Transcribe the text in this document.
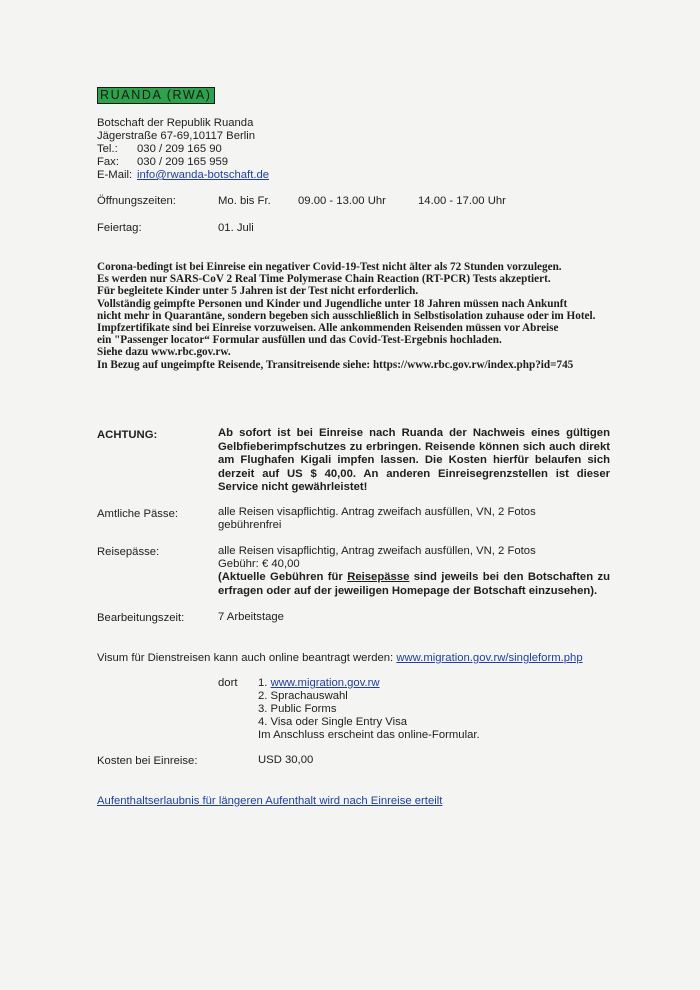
RUANDA (RWA)
Botschaft der Republik Ruanda
Jägerstraße 67-69,10117 Berlin
Tel.: 030 / 209 165 90
Fax: 030 / 209 165 959
E-Mail: info@rwanda-botschaft.de
Öffnungszeiten:	Mo. bis Fr. 09.00 - 13.00 Uhr	14.00 - 17.00 Uhr
Feiertag:	01. Juli
Corona-bedingt ist bei Einreise ein negativer Covid-19-Test nicht älter als 72 Stunden vorzulegen.
Es werden nur SARS-CoV 2 Real Time Polymerase Chain Reaction (RT-PCR) Tests akzeptiert.
Für begleitete Kinder unter 5 Jahren ist der Test nicht erforderlich.
Vollständig geimpfte Personen und Kinder und Jugendliche unter 18 Jahren müssen nach Ankunft
nicht mehr in Quarantäne, sondern begeben sich ausschließlich in Selbstisolation zuhause oder im Hotel.
Impfzertifikate sind bei Einreise vorzuweisen. Alle ankommenden Reisenden müssen vor Abreise
ein "Passenger locator“ Formular ausfüllen und das Covid-Test-Ergebnis hochladen.
Siehe dazu www.rbc.gov.rw.
In Bezug auf ungeimpfte Reisende, Transitreisende siehe: https://www.rbc.gov.rw/index.php?id=745
ACHTUNG:	Ab sofort ist bei Einreise nach Ruanda der Nachweis eines gültigen Gelbfieberimpfschutzes zu erbringen. Reisende können sich auch direkt am Flughafen Kigali impfen lassen. Die Kosten hierfür belaufen sich derzeit auf US $ 40,00. An anderen Einreisegrenzstellen ist dieser Service nicht gewährleistet!
Amtliche Pässe:	alle Reisen visapflichtig. Antrag zweifach ausfüllen, VN, 2 Fotos
gebührenfrei
Reisepässe:	alle Reisen visapflichtig, Antrag zweifach ausfüllen, VN, 2 Fotos
Gebühr: € 40,00
(Aktuelle Gebühren für Reisepässe sind jeweils bei den Botschaften zu erfragen oder auf der jeweiligen Homepage der Botschaft einzusehen).
Bearbeitungszeit:	7 Arbeitstage
Visum für Dienstreisen kann auch online beantragt werden: www.migration.gov.rw/singleform.php
dort 1. www.migration.gov.rw
2. Sprachauswahl
3. Public Forms
4. Visa oder Single Entry Visa
Im Anschluss erscheint das online-Formular.
Kosten bei Einreise:	USD 30,00
Aufenthaltserlaubnis für längeren Aufenthalt wird nach Einreise erteilt
